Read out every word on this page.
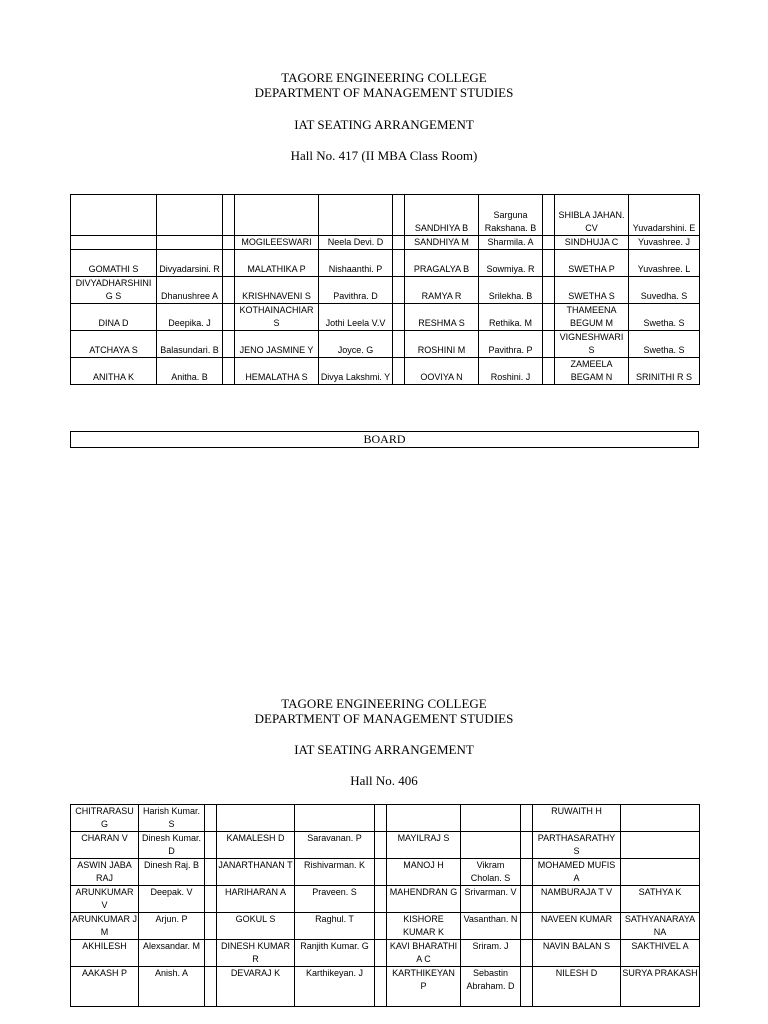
TAGORE ENGINEERING COLLEGE
DEPARTMENT OF MANAGEMENT STUDIES
IAT SEATING ARRANGEMENT
Hall No. 417 (II MBA Class Room)
						SANDHIYA B	Sarguna Rakshana. B		SHIBLA JAHAN. CV	Yuvadarshini. E
			MOGILEESWARI	Neela Devi. D		SANDHIYA M	Sharmila. A		SINDHUJA C	Yuvashree. J
GOMATHI S	Divyadarsini. R		MALATHIKA P	Nishaanthi. P		PRAGALYA B	Sowmiya. R		SWETHA P	Yuvashree. L
DIVYADHARSHINI G S	Dhanushree A		KRISHNAVENI S	Pavithra. D		RAMYA R	Srilekha. B		SWETHA S	Suvedha. S
DINA D	Deepika. J		KOTHAINACHIAR S	Jothi Leela V.V		RESHMA S	Rethika. M		THAMEENA BEGUM M	Swetha. S
ATCHAYA S	Balasundari. B		JENO JASMINE Y	Joyce. G		ROSHINI M	Pavithra. P		VIGNESHWARI S	Swetha. S
ANITHA K	Anitha. B		HEMALATHA S	Divya Lakshmi. Y		OOVIYA N	Roshini. J		ZAMEELA BEGAM N	SRINITHI R S
BOARD
TAGORE ENGINEERING COLLEGE
DEPARTMENT OF MANAGEMENT STUDIES
IAT SEATING ARRANGEMENT
Hall No. 406
CHITRARASU G	Harish Kumar. S								RUWAITH H	
CHARAN V	Dinesh Kumar. D		KAMALESH D	Saravanan. P		MAYILRAJ S			PARTHASARATHY S	
ASWIN JABA RAJ	Dinesh Raj. B		JANARTHANAN T	Rishivarman. K		MANOJ H	Vikram Cholan. S		MOHAMED MUFIS A	
ARUNKUMAR V	Deepak. V		HARIHARAN A	Praveen. S		MAHENDRAN G	Srivarman. V		NAMBURAJA T V	SATHYA K
ARUNKUMAR J M	Arjun. P		GOKUL S	Raghul. T		KISHORE KUMAR K	Vasanthan. N		NAVEEN KUMAR	SATHYANARAYANA
AKHILESH	Alexsandar. M		DINESH KUMAR R	Ranjith Kumar. G		KAVI BHARATHI A C	Sriram. J		NAVIN BALAN S	SAKTHIVEL A
AAKASH P	Anish. A		DEVARAJ K	Karthikeyan. J		KARTHIKEYAN P	Sebastin Abraham. D		NILESH D	SURYA PRAKASH
